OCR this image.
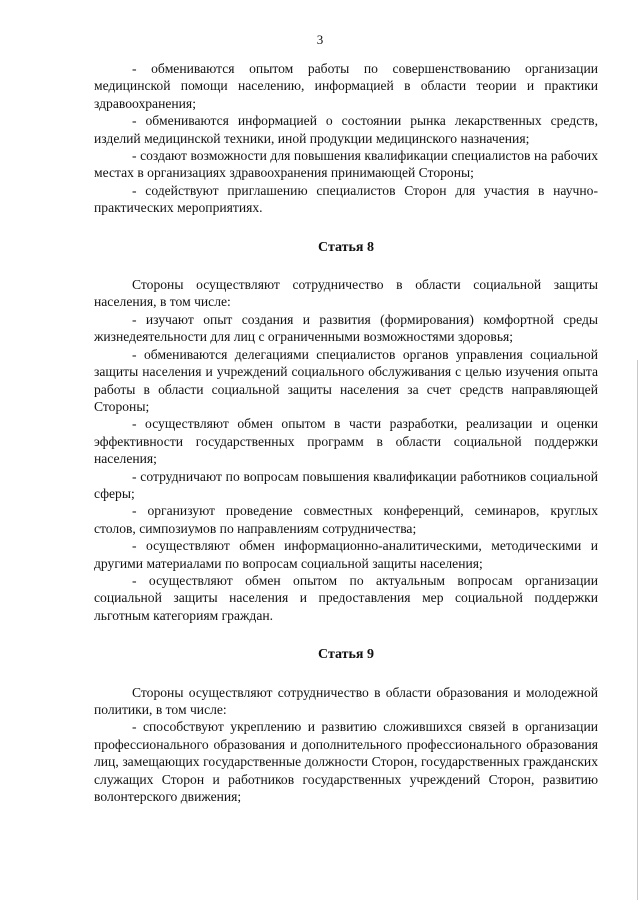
3

- обмениваются опытом работы по совершенствованию организации медицинской помощи населению, информацией в области теории и практики здравоохранения;

- обмениваются информацией о состоянии рынка лекарственных средств, изделий медицинской техники, иной продукции медицинского назначения;

- создают возможности для повышения квалификации специалистов на рабочих местах в организациях здравоохранения принимающей Стороны;

- содействуют приглашению специалистов Сторон для участия в научно-практических мероприятиях.

Статья 8

Стороны осуществляют сотрудничество в области социальной защиты населения, в том числе:

- изучают опыт создания и развития (формирования) комфортной среды жизнедеятельности для лиц с ограниченными возможностями здоровья;

- обмениваются делегациями специалистов органов управления социальной защиты населения и учреждений социального обслуживания с целью изучения опыта работы в области социальной защиты населения за счет средств направляющей Стороны;

- осуществляют обмен опытом в части разработки, реализации и оценки эффективности государственных программ в области социальной поддержки населения;

- сотрудничают по вопросам повышения квалификации работников социальной сферы;

- организуют проведение совместных конференций, семинаров, круглых столов, симпозиумов по направлениям сотрудничества;

- осуществляют обмен информационно-аналитическими, методическими и другими материалами по вопросам социальной защиты населения;

- осуществляют обмен опытом по актуальным вопросам организации социальной защиты населения и предоставления мер социальной поддержки льготным категориям граждан.

Статья 9

Стороны осуществляют сотрудничество в области образования и молодежной политики, в том числе:

- способствуют укреплению и развитию сложившихся связей в организации профессионального образования и дополнительного профессионального образования лиц, замещающих государственные должности Сторон, государственных гражданских служащих Сторон и работников государственных учреждений Сторон, развитию волонтерского движения;
